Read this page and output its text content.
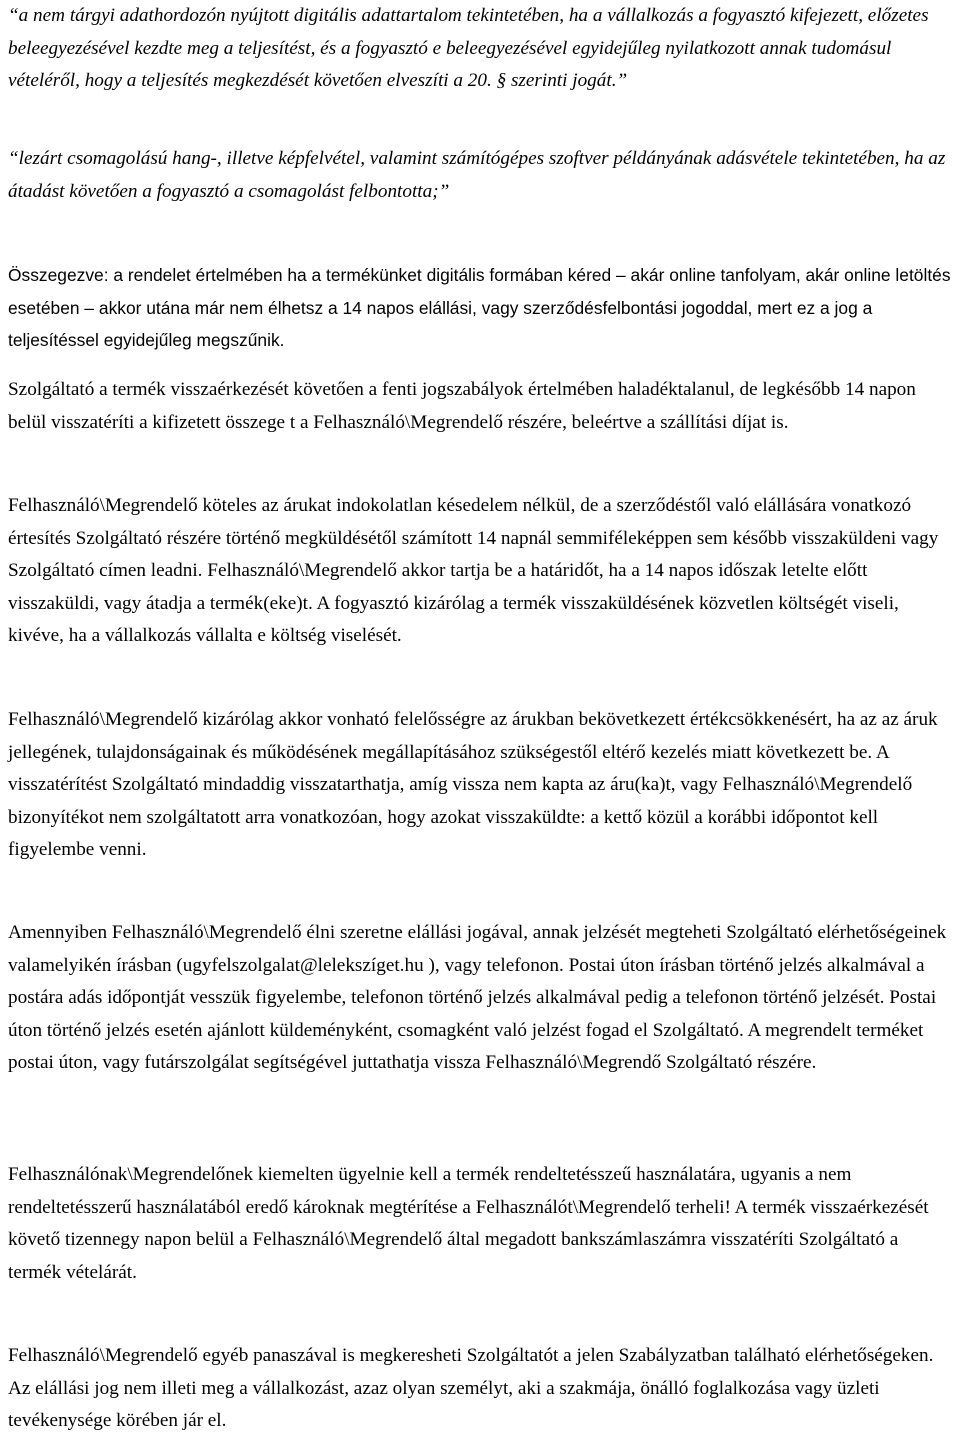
“a nem tárgyi adathordozón nyújtott digitális adattartalom tekintetében, ha a vállalkozás a fogyasztó kifejezett, előzetes beleegyezésével kezdte meg a teljesítést, és a fogyasztó e beleegyezésével egyidejűleg nyilatkozott annak tudomásul vételéről, hogy a teljesítés megkezdését követően elveszíti a 20. § szerinti jogát.”

“lezárt csomagolású hang-, illetve képfelvétel, valamint számítógépes szoftver példányának adásvétele tekintetében, ha az átadást követően a fogyasztó a csomagolást felbontotta;”

Összegezve: a rendelet értelmében ha a termékünket digitális formában kéred – akár online tanfolyam, akár online letöltés esetében – akkor utána már nem élhetsz a 14 napos elállási, vagy szerződésfelbontási jogoddal, mert ez a jog a teljesítéssel egyidejűleg megszűnik.

Szolgáltató a termék visszaérkezését követően a fenti jogszabályok értelmében haladéktalanul, de legkésőbb 14 napon belül visszatéríti a kifizetett összege t a Felhasználó\Megrendelő részére, beleértve a szállítási díjat is.

Felhasználó\Megrendelő köteles az árukat indokolatlan késedelem nélkül, de a szerződéstől való elállására vonatkozó értesítés Szolgáltató részére történő megküldésétől számított 14 napnál semmiféleképpen sem később visszaküldeni vagy Szolgáltató címen leadni. Felhasználó\Megrendelő akkor tartja be a határidőt, ha a 14 napos időszak letelte előtt visszaküldi, vagy átadja a termék(eke)t. A fogyasztó kizárólag a termék visszaküldésének közvetlen költségét viseli, kivéve, ha a vállalkozás vállalta e költség viselését.

Felhasználó\Megrendelő kizárólag akkor vonható felelősségre az árukban bekövetkezett értékcsökkenésért, ha az az áruk jellegének, tulajdonságainak és működésének megállapításához szükségestől eltérő kezelés miatt következett be. A visszatérítést Szolgáltató mindaddig visszatarthatja, amíg vissza nem kapta az áru(ka)t, vagy Felhasználó\Megrendelő bizonyítékot nem szolgáltatott arra vonatkozóan, hogy azokat visszaküldte: a kettő közül a korábbi időpontot kell figyelembe venni.

Amennyiben Felhasználó\Megrendelő élni szeretne elállási jogával, annak jelzését megteheti Szolgáltató elérhetőségeinek valamelyikén írásban (ugyfelszolgalat@lelekszíget.hu ), vagy telefonon. Postai úton írásban történő jelzés alkalmával a postára adás időpontját vesszük figyelembe, telefonon történő jelzés alkalmával pedig a telefonon történő jelzését. Postai úton történő jelzés esetén ajánlott küldeményként, csomagként való jelzést fogad el Szolgáltató. A megrendelt terméket postai úton, vagy futárszolgálat segítségével juttathatja vissza Felhasználó\Megrendő Szolgáltató részére.

Felhasználónak\Megrendelőnek kiemelten ügyelnie kell a termék rendeltetésszeű használatára, ugyanis a nem rendeltetésszerű használatából eredő károknak megtérítése a Felhasználót\Megrendelő terheli! A termék visszaérkezését követő tizennegy napon belül a Felhasználó\Megrendelő által megadott bankszámlaszámra visszatéríti Szolgáltató a termék vételárát.

Felhasználó\Megrendelő egyéb panaszával is megkeresheti Szolgáltatót a jelen Szabályzatban található elérhetőségeken. Az elállási jog nem illeti meg a vállalkozást, azaz olyan személyt, aki a szakmája, önálló foglalkozása vagy üzleti tevékenysége körében jár el.
